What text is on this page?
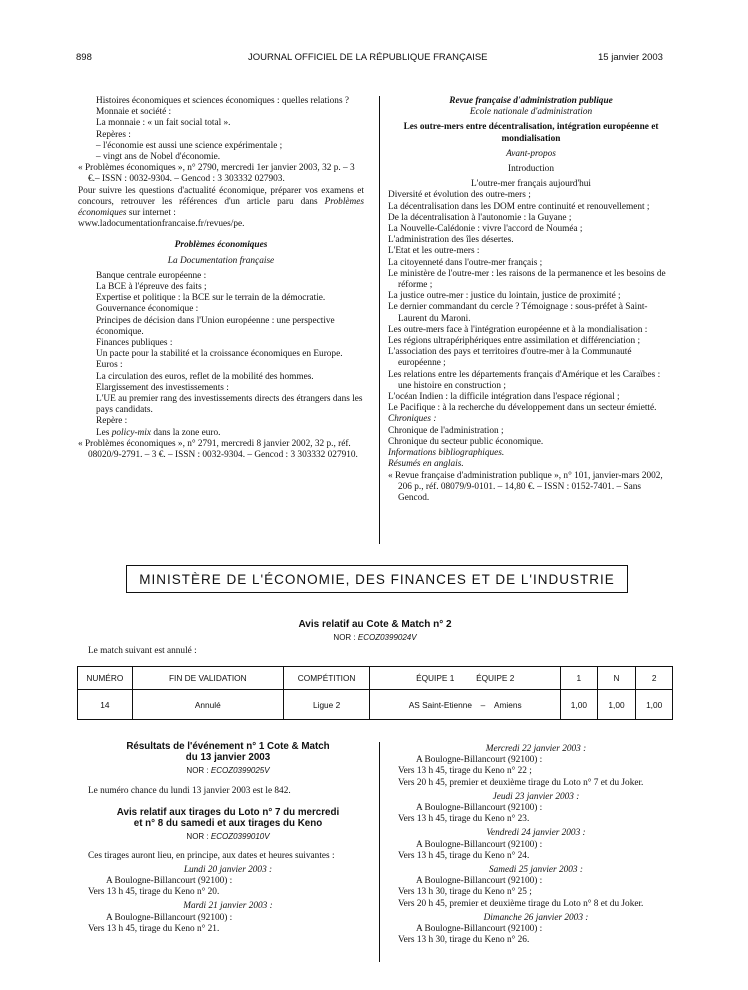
898	JOURNAL OFFICIEL DE LA RÉPUBLIQUE FRANÇAISE	15 janvier 2003

Histoires économiques et sciences économiques : quelles relations ?

Monnaie et société :

La monnaie : « un fait social total ».

Repères :

– l'économie est aussi une science expérimentale ;

– vingt ans de Nobel d'économie.

« Problèmes économiques », n° 2790, mercredi 1er janvier 2003, 32 p. – 3 €.– ISSN : 0032-9304. – Gencod : 3 303332 027903.

Pour suivre les questions d'actualité économique, préparer vos examens et concours, retrouver les références d'un article paru dans Problèmes économiques sur internet :

www.ladocumentationfrancaise.fr/revues/pe.

Problèmes économiques

La Documentation française

Banque centrale européenne :

La BCE à l'épreuve des faits ;

Expertise et politique : la BCE sur le terrain de la démocratie.

Gouvernance économique :

Principes de décision dans l'Union européenne : une perspective économique.

Finances publiques :

Un pacte pour la stabilité et la croissance économiques en Europe.

Euros :

La circulation des euros, reflet de la mobilité des hommes.

Elargissement des investissements :

L'UE au premier rang des investissements directs des étrangers dans les pays candidats.

Repère :

Les policy-mix dans la zone euro.

« Problèmes économiques », n° 2791, mercredi 8 janvier 2002, 32 p., réf. 08020/9-2791. – 3 €. – ISSN : 0032-9304. – Gencod : 3 303332 027910.

Revue française d'administration publique

Ecole nationale d'administration

Les outre-mers entre décentralisation, intégration européenne et mondialisation

Avant-propos

Introduction

L'outre-mer français aujourd'hui

Diversité et évolution des outre-mers ;

La décentralisation dans les DOM entre continuité et renouvellement ;

De la décentralisation à l'autonomie : la Guyane ;

La Nouvelle-Calédonie : vivre l'accord de Nouméa ;

L'administration des îles désertes.

L'Etat et les outre-mers :

La citoyenneté dans l'outre-mer français ;

Le ministère de l'outre-mer : les raisons de la permanence et les besoins de réforme ;

La justice outre-mer : justice du lointain, justice de proximité ;

Le dernier commandant du cercle ? Témoignage : sous-préfet à Saint-Laurent du Maroni.

Les outre-mers face à l'intégration européenne et à la mondialisation :

Les régions ultrapériphériques entre assimilation et différenciation ;

L'association des pays et territoires d'outre-mer à la Communauté européenne ;

Les relations entre les départements français d'Amérique et les Caraïbes : une histoire en construction ;

L'océan Indien : la difficile intégration dans l'espace régional ;

Le Pacifique : à la recherche du développement dans un secteur émietté.

Chroniques :

Chronique de l'administration ;

Chronique du secteur public économique.

Informations bibliographiques.

Résumés en anglais.

« Revue française d'administration publique », n° 101, janvier-mars 2002, 206 p., réf. 08079/9-0101. – 14,80 €. – ISSN : 0152-7401. – Sans Gencod.

MINISTÈRE DE L'ÉCONOMIE, DES FINANCES ET DE L'INDUSTRIE
Avis relatif au Cote & Match n° 2
NOR : ECOZ0399024V
Le match suivant est annulé :
NUMÉRO	FIN DE VALIDATION	COMPÉTITION	ÉQUIPE 1 ÉQUIPE 2	1	N	2
14	Annulé	Ligue 2	AS Saint-Etienne – Amiens	1,00	1,00	1,00

Résultats de l'événement n° 1 Cote & Match

du 13 janvier 2003

NOR : ECOZ0399025V

Le numéro chance du lundi 13 janvier 2003 est le 842.

Avis relatif aux tirages du Loto n° 7 du mercredi

et n° 8 du samedi et aux tirages du Keno

NOR : ECOZ0399010V

Ces tirages auront lieu, en principe, aux dates et heures suivantes :

Lundi 20 janvier 2003 :

A Boulogne-Billancourt (92100) :

Vers 13 h 45, tirage du Keno n° 20.

Mardi 21 janvier 2003 :

A Boulogne-Billancourt (92100) :

Vers 13 h 45, tirage du Keno n° 21.

Mercredi 22 janvier 2003 :

A Boulogne-Billancourt (92100) :

Vers 13 h 45, tirage du Keno n° 22 ;

Vers 20 h 45, premier et deuxième tirage du Loto n° 7 et du Joker.

Jeudi 23 janvier 2003 :

A Boulogne-Billancourt (92100) :

Vers 13 h 45, tirage du Keno n° 23.

Vendredi 24 janvier 2003 :

A Boulogne-Billancourt (92100) :

Vers 13 h 45, tirage du Keno n° 24.

Samedi 25 janvier 2003 :

A Boulogne-Billancourt (92100) :

Vers 13 h 30, tirage du Keno n° 25 ;

Vers 20 h 45, premier et deuxième tirage du Loto n° 8 et du Joker.

Dimanche 26 janvier 2003 :

A Boulogne-Billancourt (92100) :

Vers 13 h 30, tirage du Keno n° 26.
